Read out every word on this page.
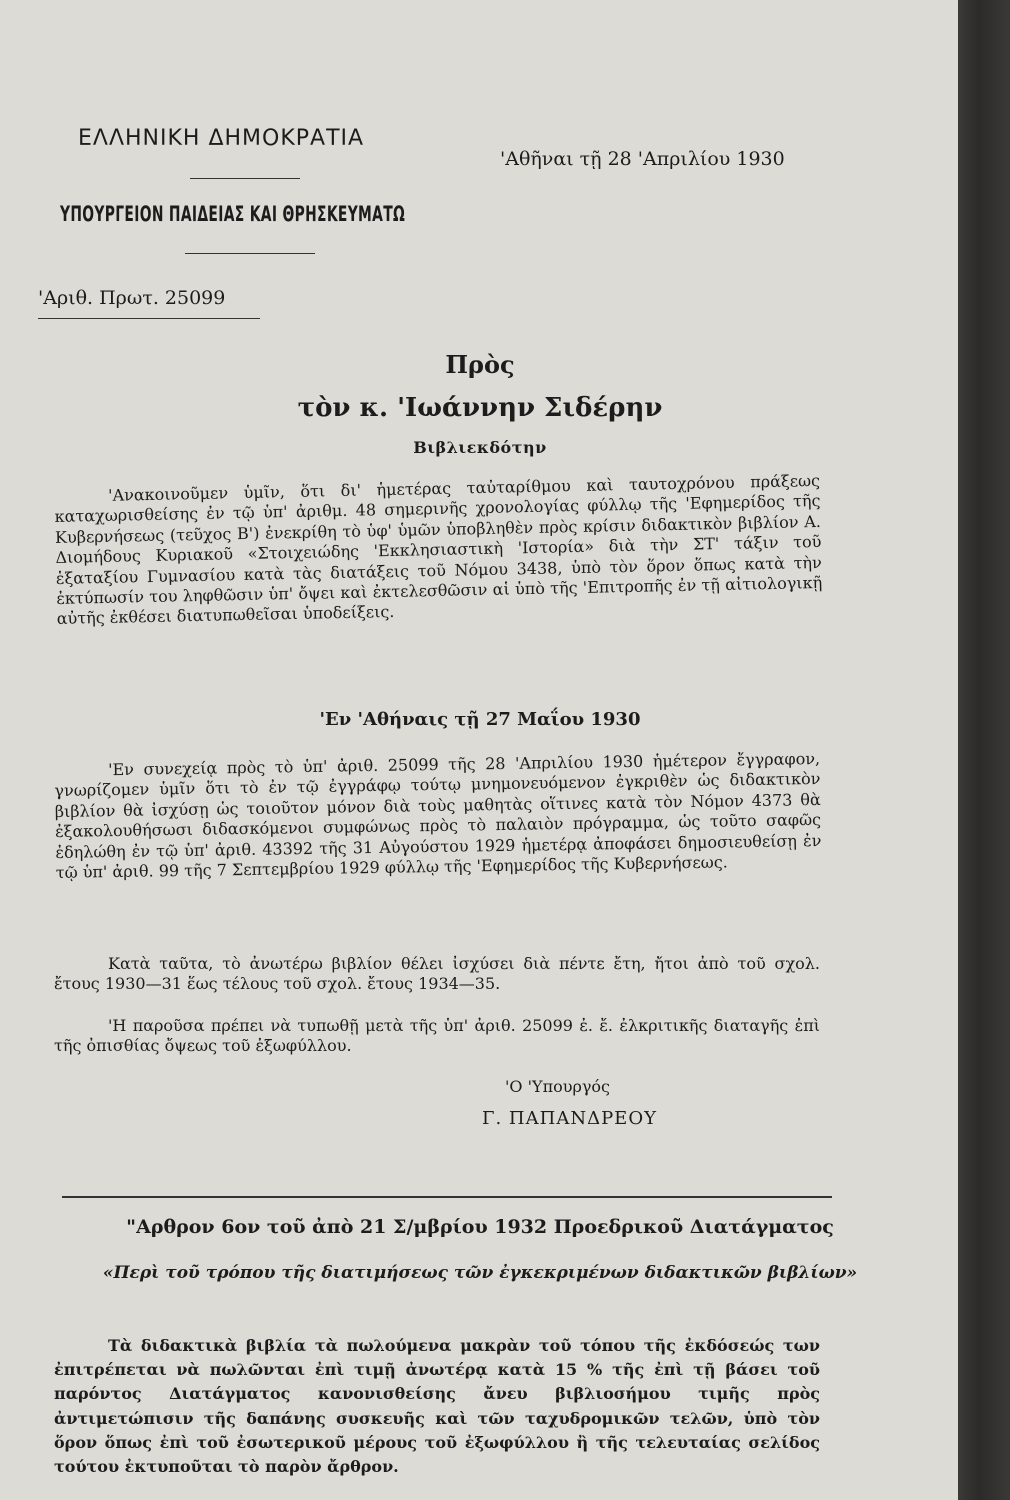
ΕΛΛΗΝΙΚΗ ΔΗΜΟΚΡΑΤΙΑ
ΥΠΟΥΡΓΕΙΟΝ ΠΑΙΔΕΙΑΣ ΚΑΙ ΘΡΗΣΚΕΥΜΑΤΩ
'Αθῆναι τῇ 28 'Απριλίου 1930
'Αριθ. Πρωτ. 25099
Πρὸς
τὸν κ. 'Ιωάννην Σιδέρην
Βιβλιεκδότην
'Ανακοινοῦμεν ὑμῖν, ὅτι δι' ἡμετέρας ταὐταρίθμου καὶ ταυτοχρόνου πράξεως καταχωρισθείσης ἐν τῷ ὑπ' ἀριθμ. 48 σημερινῆς χρονολογίας φύλλῳ τῆς 'Εφημερίδος τῆς Κυβερνήσεως (τεῦχος Β') ἐνεκρίθη τὸ ὑφ' ὑμῶν ὑποβληθὲν πρὸς κρίσιν διδακτικὸν βιβλίον Α. Διομήδους Κυριακοῦ «Στοιχειώδης 'Εκκλησιαστικὴ 'Ιστορία» διὰ τὴν ΣΤ' τάξιν τοῦ ἑξαταξίου Γυμνασίου κατὰ τὰς διατάξεις τοῦ Νόμου 3438, ὑπὸ τὸν ὅρον ὅπως κατὰ τὴν ἐκτύπωσίν του ληφθῶσιν ὑπ' ὄψει καὶ ἐκτελεσθῶσιν αἱ ὑπὸ τῆς 'Επιτροπῆς ἐν τῇ αἰτιολογικῇ αὐτῆς ἐκθέσει διατυπωθεῖσαι ὑποδείξεις.
'Εν 'Αθήναις τῇ 27 Μαΐου 1930
'Εν συνεχείᾳ πρὸς τὸ ὑπ' ἀριθ. 25099 τῆς 28 'Απριλίου 1930 ἡμέτερον ἔγγραφον, γνωρίζομεν ὑμῖν ὅτι τὸ ἐν τῷ ἐγγράφῳ τούτῳ μνημονευόμενον ἐγκριθὲν ὡς διδακτικὸν βιβλίον θὰ ἰσχύσῃ ὡς τοιοῦτον μόνον διὰ τοὺς μαθητὰς οἵτινες κατὰ τὸν Νόμον 4373 θὰ ἐξακολουθήσωσι διδασκόμενοι συμφώνως πρὸς τὸ παλαιὸν πρόγραμμα, ὡς τοῦτο σαφῶς ἐδηλώθη ἐν τῷ ὑπ' ἀριθ. 43392 τῆς 31 Αὐγούστου 1929 ἡμετέρᾳ ἀποφάσει δημοσιευθείσῃ ἐν τῷ ὑπ' ἀριθ. 99 τῆς 7 Σεπτεμβρίου 1929 φύλλῳ τῆς 'Εφημερίδος τῆς Κυβερνήσεως.
Κατὰ ταῦτα, τὸ ἀνωτέρω βιβλίον θέλει ἰσχύσει διὰ πέντε ἔτη, ἤτοι ἀπὸ τοῦ σχολ. ἔτους 1930—31 ἕως τέλους τοῦ σχολ. ἔτους 1934—35.
'Η παροῦσα πρέπει νὰ τυπωθῇ μετὰ τῆς ὑπ' ἀριθ. 25099 ἐ. ἔ. ἐλκριτικῆς διαταγῆς ἐπὶ τῆς ὀπισθίας ὄψεως τοῦ ἐξωφύλλου.
'Ο 'Υπουργός
Γ. ΠΑΠΑΝΔΡΕΟΥ
"Αρθρον 6ον τοῦ ἀπὸ 21 Σ/μβρίου 1932 Προεδρικοῦ Διατάγματος
«Περὶ τοῦ τρόπου τῆς διατιμήσεως τῶν ἐγκεκριμένων διδακτικῶν βιβλίων»
Τὰ διδακτικὰ βιβλία τὰ πωλούμενα μακρὰν τοῦ τόπου τῆς ἐκδόσεώς των ἐπιτρέπεται νὰ πωλῶνται ἐπὶ τιμῇ ἀνωτέρᾳ κατὰ 15 % τῆς ἐπὶ τῇ βάσει τοῦ παρόντος Διατάγματος κανονισθείσης ἄνευ βιβλιοσήμου τιμῆς πρὸς ἀντιμετώπισιν τῆς δαπάνης συσκευῆς καὶ τῶν ταχυδρομικῶν τελῶν, ὑπὸ τὸν ὅρον ὅπως ἐπὶ τοῦ ἐσωτερικοῦ μέρους τοῦ ἐξωφύλλου ἢ τῆς τελευταίας σελίδος τούτου ἐκτυποῦται τὸ παρὸν ἄρθρον.
